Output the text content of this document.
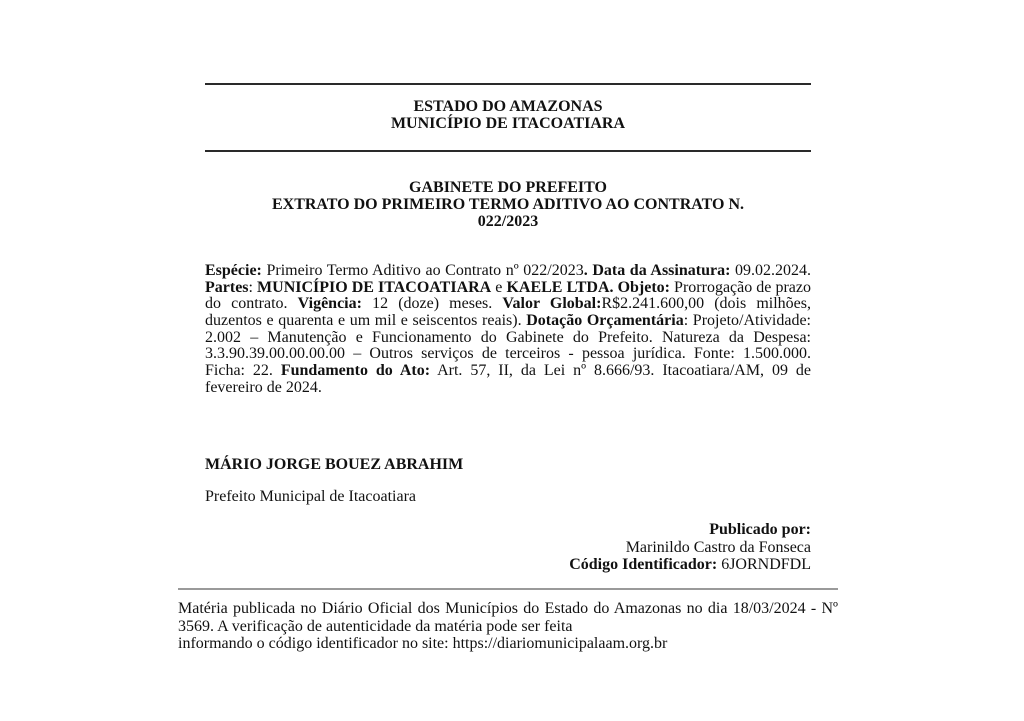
ESTADO DO AMAZONAS
MUNICÍPIO DE ITACOATIARA
GABINETE DO PREFEITO
EXTRATO DO PRIMEIRO TERMO ADITIVO AO CONTRATO N.
022/2023
Espécie: Primeiro Termo Aditivo ao Contrato nº 022/2023. Data da Assinatura: 09.02.2024. Partes: MUNICÍPIO DE ITACOATIARA e KAELE LTDA. Objeto: Prorrogação de prazo do contrato. Vigência: 12 (doze) meses. Valor Global:R$2.241.600,00 (dois milhões, duzentos e quarenta e um mil e seiscentos reais). Dotação Orçamentária: Projeto/Atividade: 2.002 – Manutenção e Funcionamento do Gabinete do Prefeito. Natureza da Despesa: 3.3.90.39.00.00.00.00 – Outros serviços de terceiros - pessoa jurídica. Fonte: 1.500.000. Ficha: 22. Fundamento do Ato: Art. 57, II, da Lei nº 8.666/93. Itacoatiara/AM, 09 de fevereiro de 2024.
MÁRIO JORGE BOUEZ ABRAHIM
Prefeito Municipal de Itacoatiara
Publicado por:
Marinildo Castro da Fonseca
Código Identificador: 6JORNDFDL
Matéria publicada no Diário Oficial dos Municípios do Estado do Amazonas no dia 18/03/2024 - Nº 3569. A verificação de autenticidade da matéria pode ser feita
informando o código identificador no site: https://diariomunicipalaam.org.br
